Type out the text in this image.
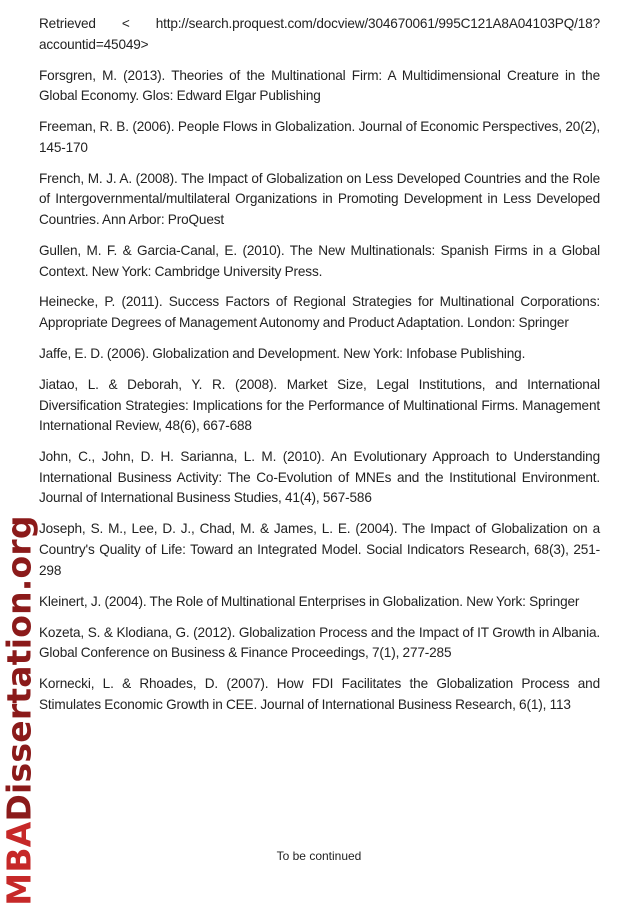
MBADissertation.org
Retrieved < http://search.proquest.com/docview/304670061/995C121A8A04103PQ/18?accountid=45049>
Forsgren, M. (2013). Theories of the Multinational Firm: A Multidimensional Creature in the Global Economy. Glos: Edward Elgar Publishing
Freeman, R. B. (2006). People Flows in Globalization. Journal of Economic Perspectives, 20(2), 145-170
French, M. J. A. (2008). The Impact of Globalization on Less Developed Countries and the Role of Intergovernmental/multilateral Organizations in Promoting Development in Less Developed Countries. Ann Arbor: ProQuest
Gullen, M. F. & Garcia-Canal, E. (2010). The New Multinationals: Spanish Firms in a Global Context. New York: Cambridge University Press.
Heinecke, P. (2011). Success Factors of Regional Strategies for Multinational Corporations: Appropriate Degrees of Management Autonomy and Product Adaptation. London: Springer
Jaffe, E. D. (2006). Globalization and Development. New York: Infobase Publishing.
Jiatao, L. & Deborah, Y. R. (2008). Market Size, Legal Institutions, and International Diversification Strategies: Implications for the Performance of Multinational Firms. Management International Review, 48(6), 667-688
John, C., John, D. H. Sarianna, L. M. (2010). An Evolutionary Approach to Understanding International Business Activity: The Co-Evolution of MNEs and the Institutional Environment. Journal of International Business Studies, 41(4), 567-586
Joseph, S. M., Lee, D. J., Chad, M. & James, L. E. (2004). The Impact of Globalization on a Country's Quality of Life: Toward an Integrated Model. Social Indicators Research, 68(3), 251-298
Kleinert, J. (2004). The Role of Multinational Enterprises in Globalization. New York: Springer
Kozeta, S. & Klodiana, G. (2012). Globalization Process and the Impact of IT Growth in Albania. Global Conference on Business & Finance Proceedings, 7(1), 277-285
Kornecki, L. & Rhoades, D. (2007). How FDI Facilitates the Globalization Process and Stimulates Economic Growth in CEE. Journal of International Business Research, 6(1), 113
To be continued
